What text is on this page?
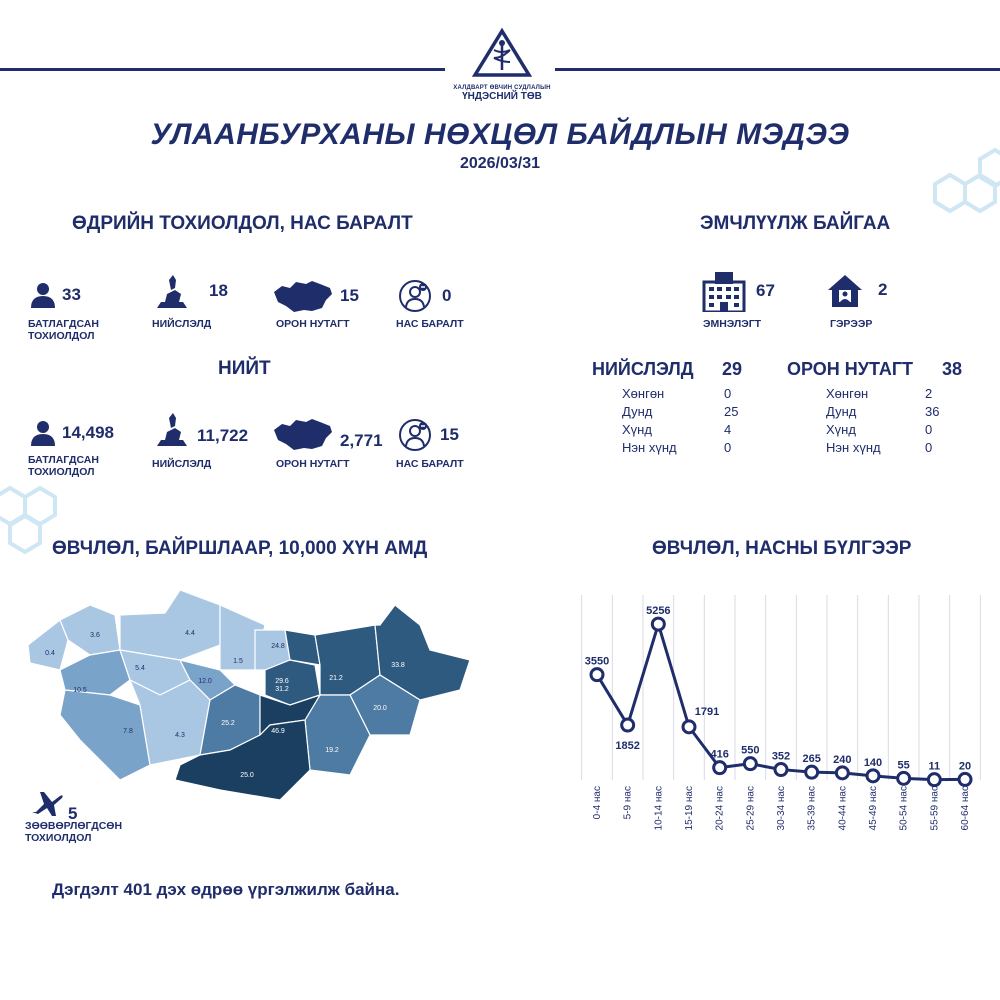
ХАЛДВАРТ ӨВЧИН СУДЛАЛЫН
ҮНДЭСНИЙ ТӨВ
УЛААНБУРХАНЫ НӨХЦӨЛ БАЙДЛЫН МЭДЭЭ
2026/03/31
ӨДРИЙН ТОХИОЛДОЛ, НАС БАРАЛТ
33
БАТЛАГДСАН
ТОХИОЛДОЛ
18
НИЙСЛЭЛД
15
ОРОН НУТАГТ
0
НАС БАРАЛТ
НИЙТ
14,498
БАТЛАГДСАН
ТОХИОЛДОЛ
11,722
НИЙСЛЭЛД
2,771
ОРОН НУТАГТ
15
НАС БАРАЛТ
ЭМЧЛҮҮЛЖ БАЙГАА
67
ЭМНЭЛЭГТ
2
ГЭРЭЭР
НИЙСЛЭЛД 29
Хөнгөн	0
Дунд	25
Хүнд	4
Нэн хүнд	0
ОРОН НУТАГТ 38
Хөнгөн	2
Дунд	36
Хүнд	0
Нэн хүнд	0
ӨВЧЛӨЛ, БАЙРШЛААР, 10,000 ХҮН АМД
0.4
3.6	4.4
5.4
10.5
12.0
1.5
24.8
29.6
31.2
21.2
33.8
20.0
7.8
4.3
25.2
46.9
19.2
25.0
5
ЗӨӨВӨРЛӨГДСӨН
ТОХИОЛДОЛ
Дэгдэлт 401 дэх өдрөө үргэлжилж байна.
ӨВЧЛӨЛ, НАСНЫ БҮЛГЭЭР
3550
1852
5256
1791
416 550 352 265 240 140 55 11 20
0-4 нас 5-9 нас 10-14 нас 15-19 нас 20-24 нас 25-29 нас 30-34 нас 35-39 нас 40-44 нас 45-49 нас 50-54 нас 55-59 нас 60-64 нас
